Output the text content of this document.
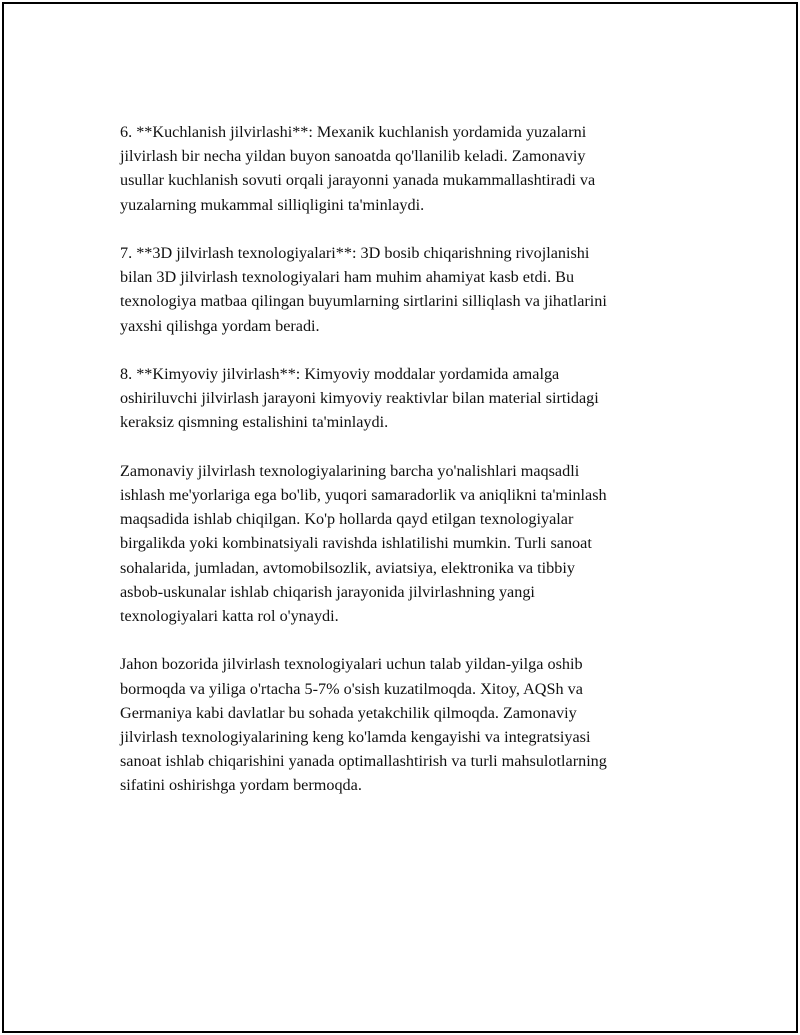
6. **Kuchlanish jilvirlashi**: Mexanik kuchlanish yordamida yuzalarni
jilvirlash bir necha yildan buyon sanoatda qo'llanilib keladi. Zamonaviy
usullar kuchlanish sovuti orqali jarayonni yanada mukammallashtiradi va
yuzalarning mukammal silliqligini ta'minlaydi.

7. **3D jilvirlash texnologiyalari**: 3D bosib chiqarishning rivojlanishi
bilan 3D jilvirlash texnologiyalari ham muhim ahamiyat kasb etdi. Bu
texnologiya matbaa qilingan buyumlarning sirtlarini silliqlash va jihatlarini
yaxshi qilishga yordam beradi.

8. **Kimyoviy jilvirlash**: Kimyoviy moddalar yordamida amalga
oshiriluvchi jilvirlash jarayoni kimyoviy reaktivlar bilan material sirtidagi
keraksiz qismning estalishini ta'minlaydi.

Zamonaviy jilvirlash texnologiyalarining barcha yo'nalishlari maqsadli
ishlash me'yorlariga ega bo'lib, yuqori samaradorlik va aniqlikni ta'minlash
maqsadida ishlab chiqilgan. Ko'p hollarda qayd etilgan texnologiyalar
birgalikda yoki kombinatsiyali ravishda ishlatilishi mumkin. Turli sanoat
sohalarida, jumladan, avtomobilsozlik, aviatsiya, elektronika va tibbiy
asbob-uskunalar ishlab chiqarish jarayonida jilvirlashning yangi
texnologiyalari katta rol o'ynaydi.

Jahon bozorida jilvirlash texnologiyalari uchun talab yildan-yilga oshib
bormoqda va yiliga o'rtacha 5-7% o'sish kuzatilmoqda. Xitoy, AQSh va
Germaniya kabi davlatlar bu sohada yetakchilik qilmoqda. Zamonaviy
jilvirlash texnologiyalarining keng ko'lamda kengayishi va integratsiyasi
sanoat ishlab chiqarishini yanada optimallashtirish va turli mahsulotlarning
sifatini oshirishga yordam bermoqda.
